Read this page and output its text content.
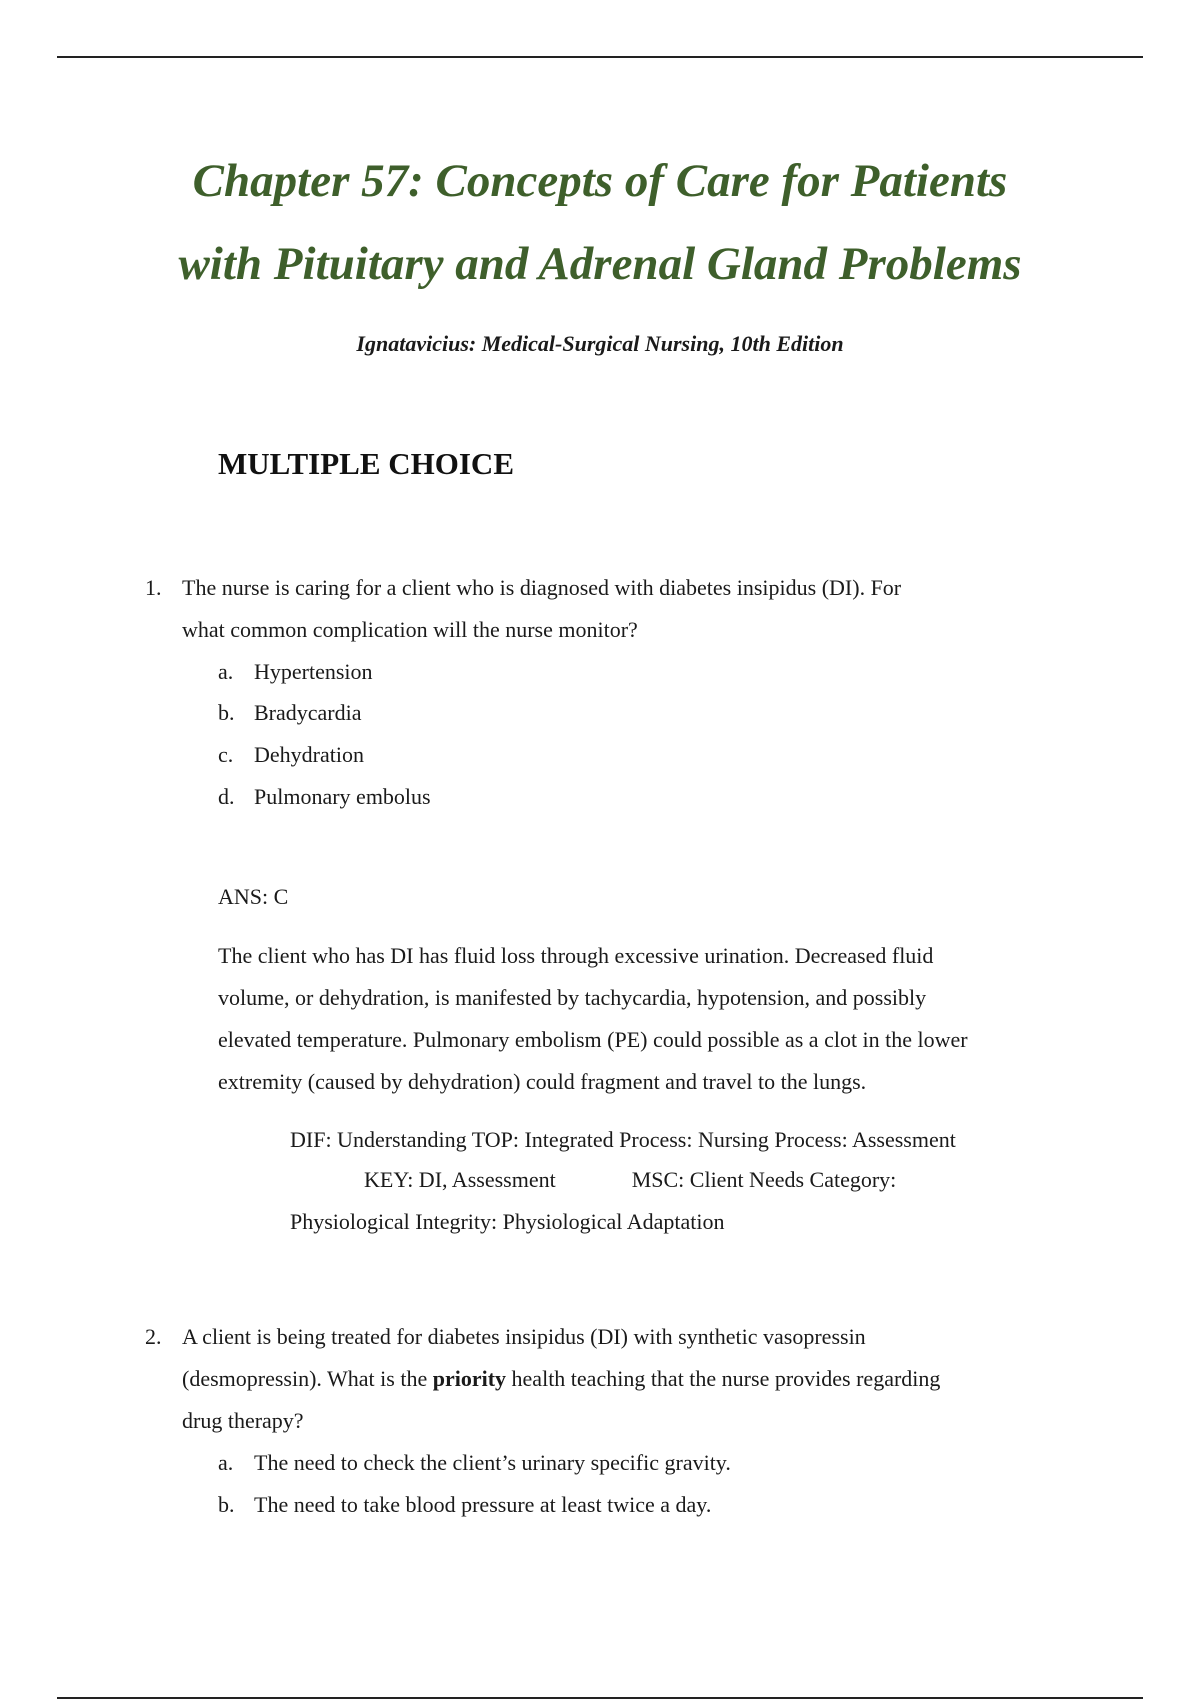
Chapter 57: Concepts of Care for Patients
with Pituitary and Adrenal Gland Problems

Ignatavicius: Medical-Surgical Nursing, 10th Edition

MULTIPLE CHOICE
1. The nurse is caring for a client who is diagnosed with diabetes insipidus (DI). For
what common complication will the nurse monitor?
a. Hypertension
b. Bradycardia
c. Dehydration
d. Pulmonary embolus
ANS: C
The client who has DI has fluid loss through excessive urination. Decreased fluid
volume, or dehydration, is manifested by tachycardia, hypotension, and possibly
elevated temperature. Pulmonary embolism (PE) could possible as a clot in the lower
extremity (caused by dehydration) could fragment and travel to the lungs.
DIF: Understanding TOP: Integrated Process: Nursing Process: Assessment
KEY: DI, Assessment	MSC: Client Needs Category:
Physiological Integrity: Physiological Adaptation
2. A client is being treated for diabetes insipidus (DI) with synthetic vasopressin
(desmopressin). What is the priority health teaching that the nurse provides regarding
drug therapy?
a. The need to check the client’s urinary specific gravity.
b. The need to take blood pressure at least twice a day.
